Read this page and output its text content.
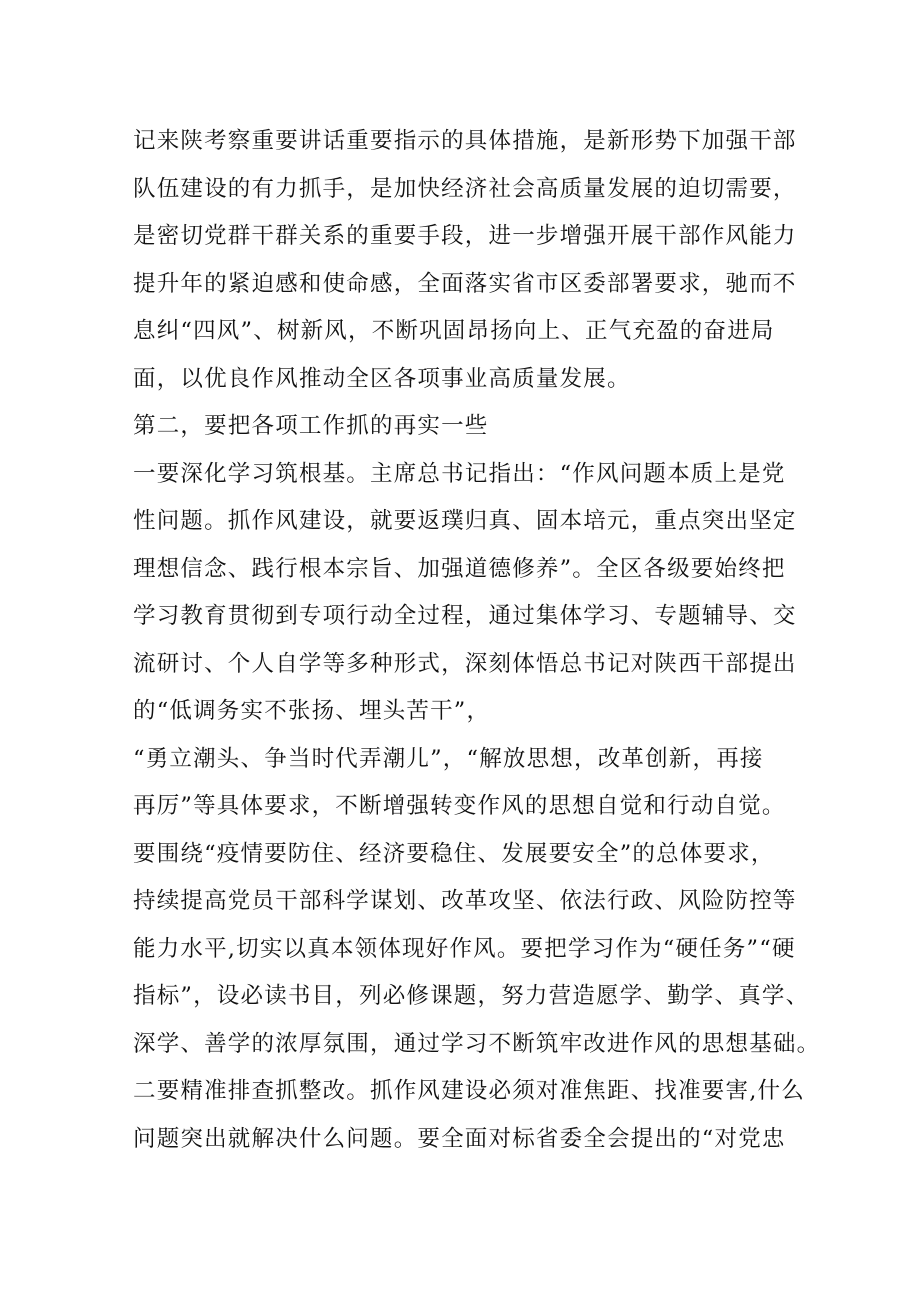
记来陕考察重要讲话重要指示的具体措施，是新形势下加强干部
队伍建设的有力抓手，是加快经济社会高质量发展的迫切需要，
是密切党群干群关系的重要手段，进一步增强开展干部作风能力
提升年的紧迫感和使命感，全面落实省市区委部署要求，驰而不
息纠“四风”、树新风，不断巩固昂扬向上、正气充盈的奋进局
面，以优良作风推动全区各项事业高质量发展。
第二，要把各项工作抓的再实一些
一要深化学习筑根基。主席总书记指出：“作风问题本质上是党
性问题。抓作风建设，就要返璞归真、固本培元，重点突出坚定
理想信念、践行根本宗旨、加强道德修养”。全区各级要始终把
学习教育贯彻到专项行动全过程，通过集体学习、专题辅导、交
流研讨、个人自学等多种形式，深刻体悟总书记对陕西干部提出
的“低调务实不张扬、埋头苦干”，
“勇立潮头、争当时代弄潮儿”，“解放思想，改革创新，再接
再厉”等具体要求，不断增强转变作风的思想自觉和行动自觉。
要围绕“疫情要防住、经济要稳住、发展要安全”的总体要求，
持续提高党员干部科学谋划、改革攻坚、依法行政、风险防控等
能力水平,切实以真本领体现好作风。要把学习作为“硬任务”“硬
指标”，设必读书目，列必修课题，努力营造愿学、勤学、真学、
深学、善学的浓厚氛围，通过学习不断筑牢改进作风的思想基础。
二要精准排查抓整改。抓作风建设必须对准焦距、找准要害,什么
问题突出就解决什么问题。要全面对标省委全会提出的“对党忠
